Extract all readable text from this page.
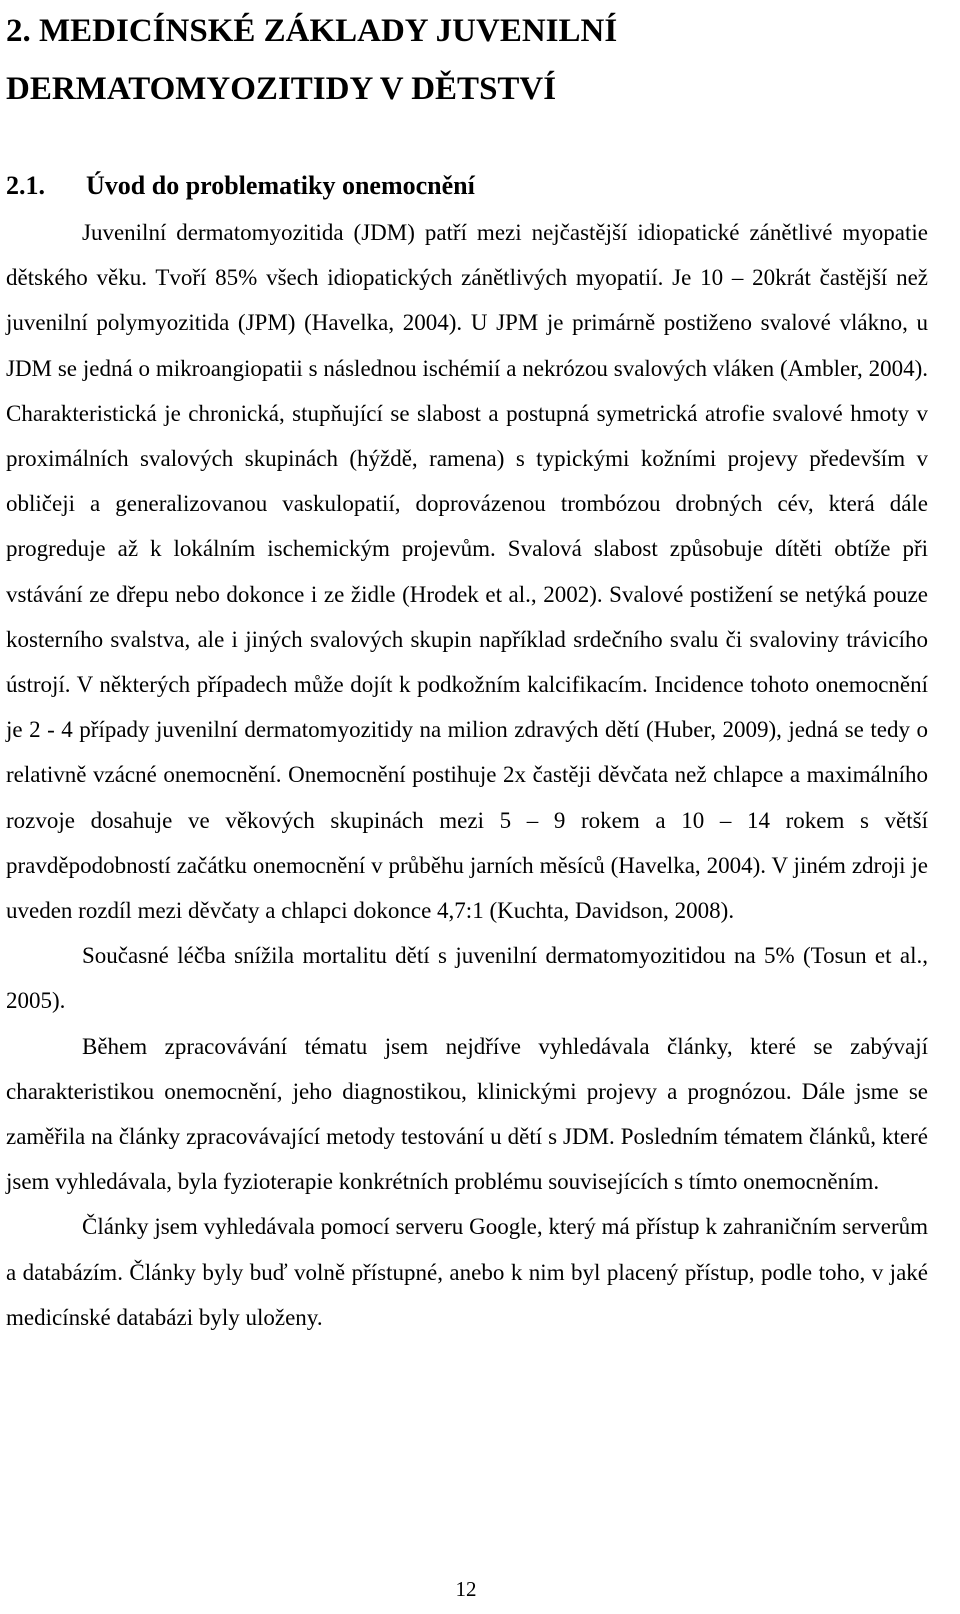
2. MEDICÍNSKÉ ZÁKLADY JUVENILNÍ DERMATOMYOZITIDY V DĚTSTVÍ
2.1. Úvod do problematiky onemocnění

Juvenilní dermatomyozitida (JDM) patří mezi nejčastější idiopatické zánětlivé myopatie dětského věku. Tvoří 85% všech idiopatických zánětlivých myopatií. Je 10 – 20krát častější než juvenilní polymyozitida (JPM) (Havelka, 2004). U JPM je primárně postiženo svalové vlákno, u JDM se jedná o mikroangiopatii s následnou ischémií a nekrózou svalových vláken (Ambler, 2004). Charakteristická je chronická, stupňující se slabost a postupná symetrická atrofie svalové hmoty v proximálních svalových skupinách (hýždě, ramena) s typickými kožními projevy především v obličeji a generalizovanou vaskulopatií, doprovázenou trombózou drobných cév, která dále progreduje až k lokálním ischemickým projevům. Svalová slabost způsobuje dítěti obtíže při vstávání ze dřepu nebo dokonce i ze židle (Hrodek et al., 2002). Svalové postižení se netýká pouze kosterního svalstva, ale i jiných svalových skupin například srdečního svalu či svaloviny trávicího ústrojí. V některých případech může dojít k podkožním kalcifikacím. Incidence tohoto onemocnění je 2 - 4 případy juvenilní dermatomyozitidy na milion zdravých dětí (Huber, 2009), jedná se tedy o relativně vzácné onemocnění. Onemocnění postihuje 2x častěji děvčata než chlapce a maximálního rozvoje dosahuje ve věkových skupinách mezi 5 – 9 rokem a 10 – 14 rokem s větší pravděpodobností začátku onemocnění v průběhu jarních měsíců (Havelka, 2004). V jiném zdroji je uveden rozdíl mezi děvčaty a chlapci dokonce 4,7:1 (Kuchta, Davidson, 2008).

Současné léčba snížila mortalitu dětí s juvenilní dermatomyozitidou na 5% (Tosun et al., 2005).

Během zpracovávání tématu jsem nejdříve vyhledávala články, které se zabývají charakteristikou onemocnění, jeho diagnostikou, klinickými projevy a prognózou. Dále jsme se zaměřila na články zpracovávající metody testování u dětí s JDM. Posledním tématem článků, které jsem vyhledávala, byla fyzioterapie konkrétních problému souvisejících s tímto onemocněním.

Články jsem vyhledávala pomocí serveru Google, který má přístup k zahraničním serverům a databázím. Články byly buď volně přístupné, anebo k nim byl placený přístup, podle toho, v jaké medicínské databázi byly uloženy.

12
